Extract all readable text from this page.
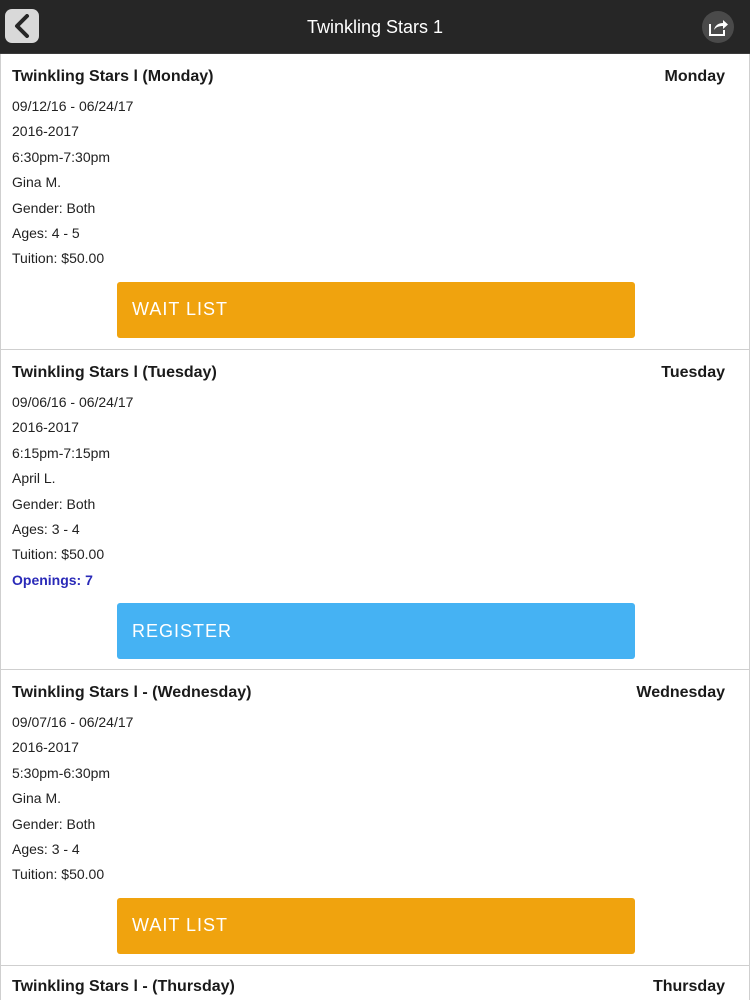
Twinkling Stars 1
Twinkling Stars l (Monday)	Monday
09/12/16 - 06/24/17
2016-2017
6:30pm-7:30pm
Gina M.
Gender: Both
Ages: 4 - 5
Tuition: $50.00
WAIT LIST
Twinkling Stars l (Tuesday)	Tuesday
09/06/16 - 06/24/17
2016-2017
6:15pm-7:15pm
April L.
Gender: Both
Ages: 3 - 4
Tuition: $50.00
Openings: 7
REGISTER
Twinkling Stars l - (Wednesday)	Wednesday
09/07/16 - 06/24/17
2016-2017
5:30pm-6:30pm
Gina M.
Gender: Both
Ages: 3 - 4
Tuition: $50.00
WAIT LIST
Twinkling Stars l - (Thursday)	Thursday
